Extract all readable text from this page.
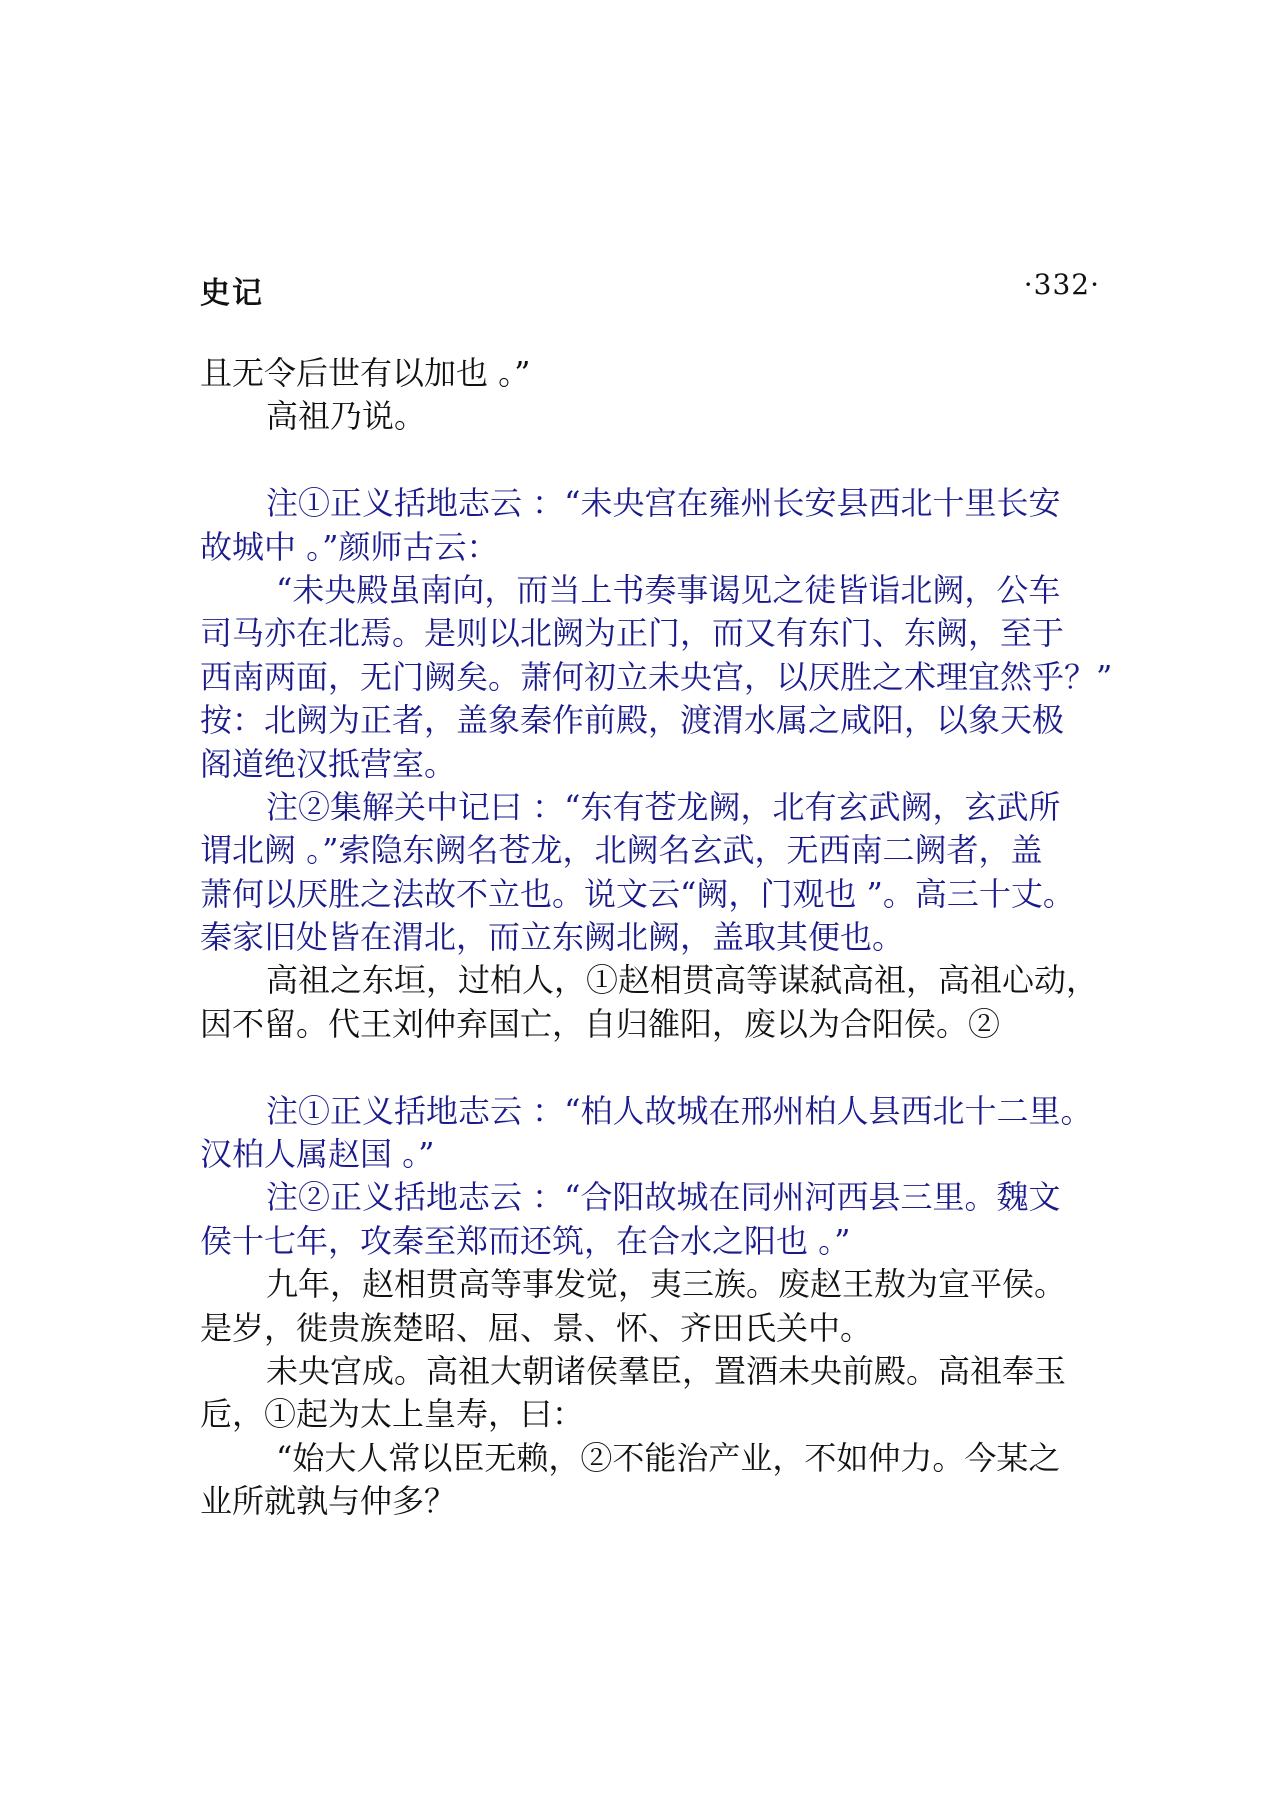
史记	·332·
且无令后世有以加也 。”
高祖乃说。
注①正义括地志云 ：“未央宫在雍州长安县西北十里长安
故城中 。”颜师古云：
“未央殿虽南向，而当上书奏事谒见之徒皆诣北阙，公车
司马亦在北焉。是则以北阙为正门，而又有东门、东阙，至于
西南两面，无门阙矣。萧何初立未央宫，以厌胜之术理宜然乎？”
按：北阙为正者，盖象秦作前殿，渡渭水属之咸阳，以象天极
阁道绝汉抵营室。
注②集解关中记曰 ：“东有苍龙阙，北有玄武阙，玄武所
谓北阙 。”索隐东阙名苍龙，北阙名玄武，无西南二阙者，盖
萧何以厌胜之法故不立也。说文云“阙，门观也 ”。高三十丈。
秦家旧处皆在渭北，而立东阙北阙，盖取其便也。
高祖之东垣，过柏人，①赵相贯高等谋弑高祖，高祖心动，
因不留。代王刘仲弃国亡，自归雒阳，废以为合阳侯。②
注①正义括地志云 ：“柏人故城在邢州柏人县西北十二里。
汉柏人属赵国 。”
注②正义括地志云 ：“合阳故城在同州河西县三里。魏文
侯十七年，攻秦至郑而还筑，在合水之阳也 。”
九年，赵相贯高等事发觉，夷三族。废赵王敖为宣平侯。
是岁，徙贵族楚昭、屈、景、怀、齐田氏关中。
未央宫成。高祖大朝诸侯羣臣，置酒未央前殿。高祖奉玉
卮，①起为太上皇寿，曰：
“始大人常以臣无赖，②不能治产业，不如仲力。今某之
业所就孰与仲多？
